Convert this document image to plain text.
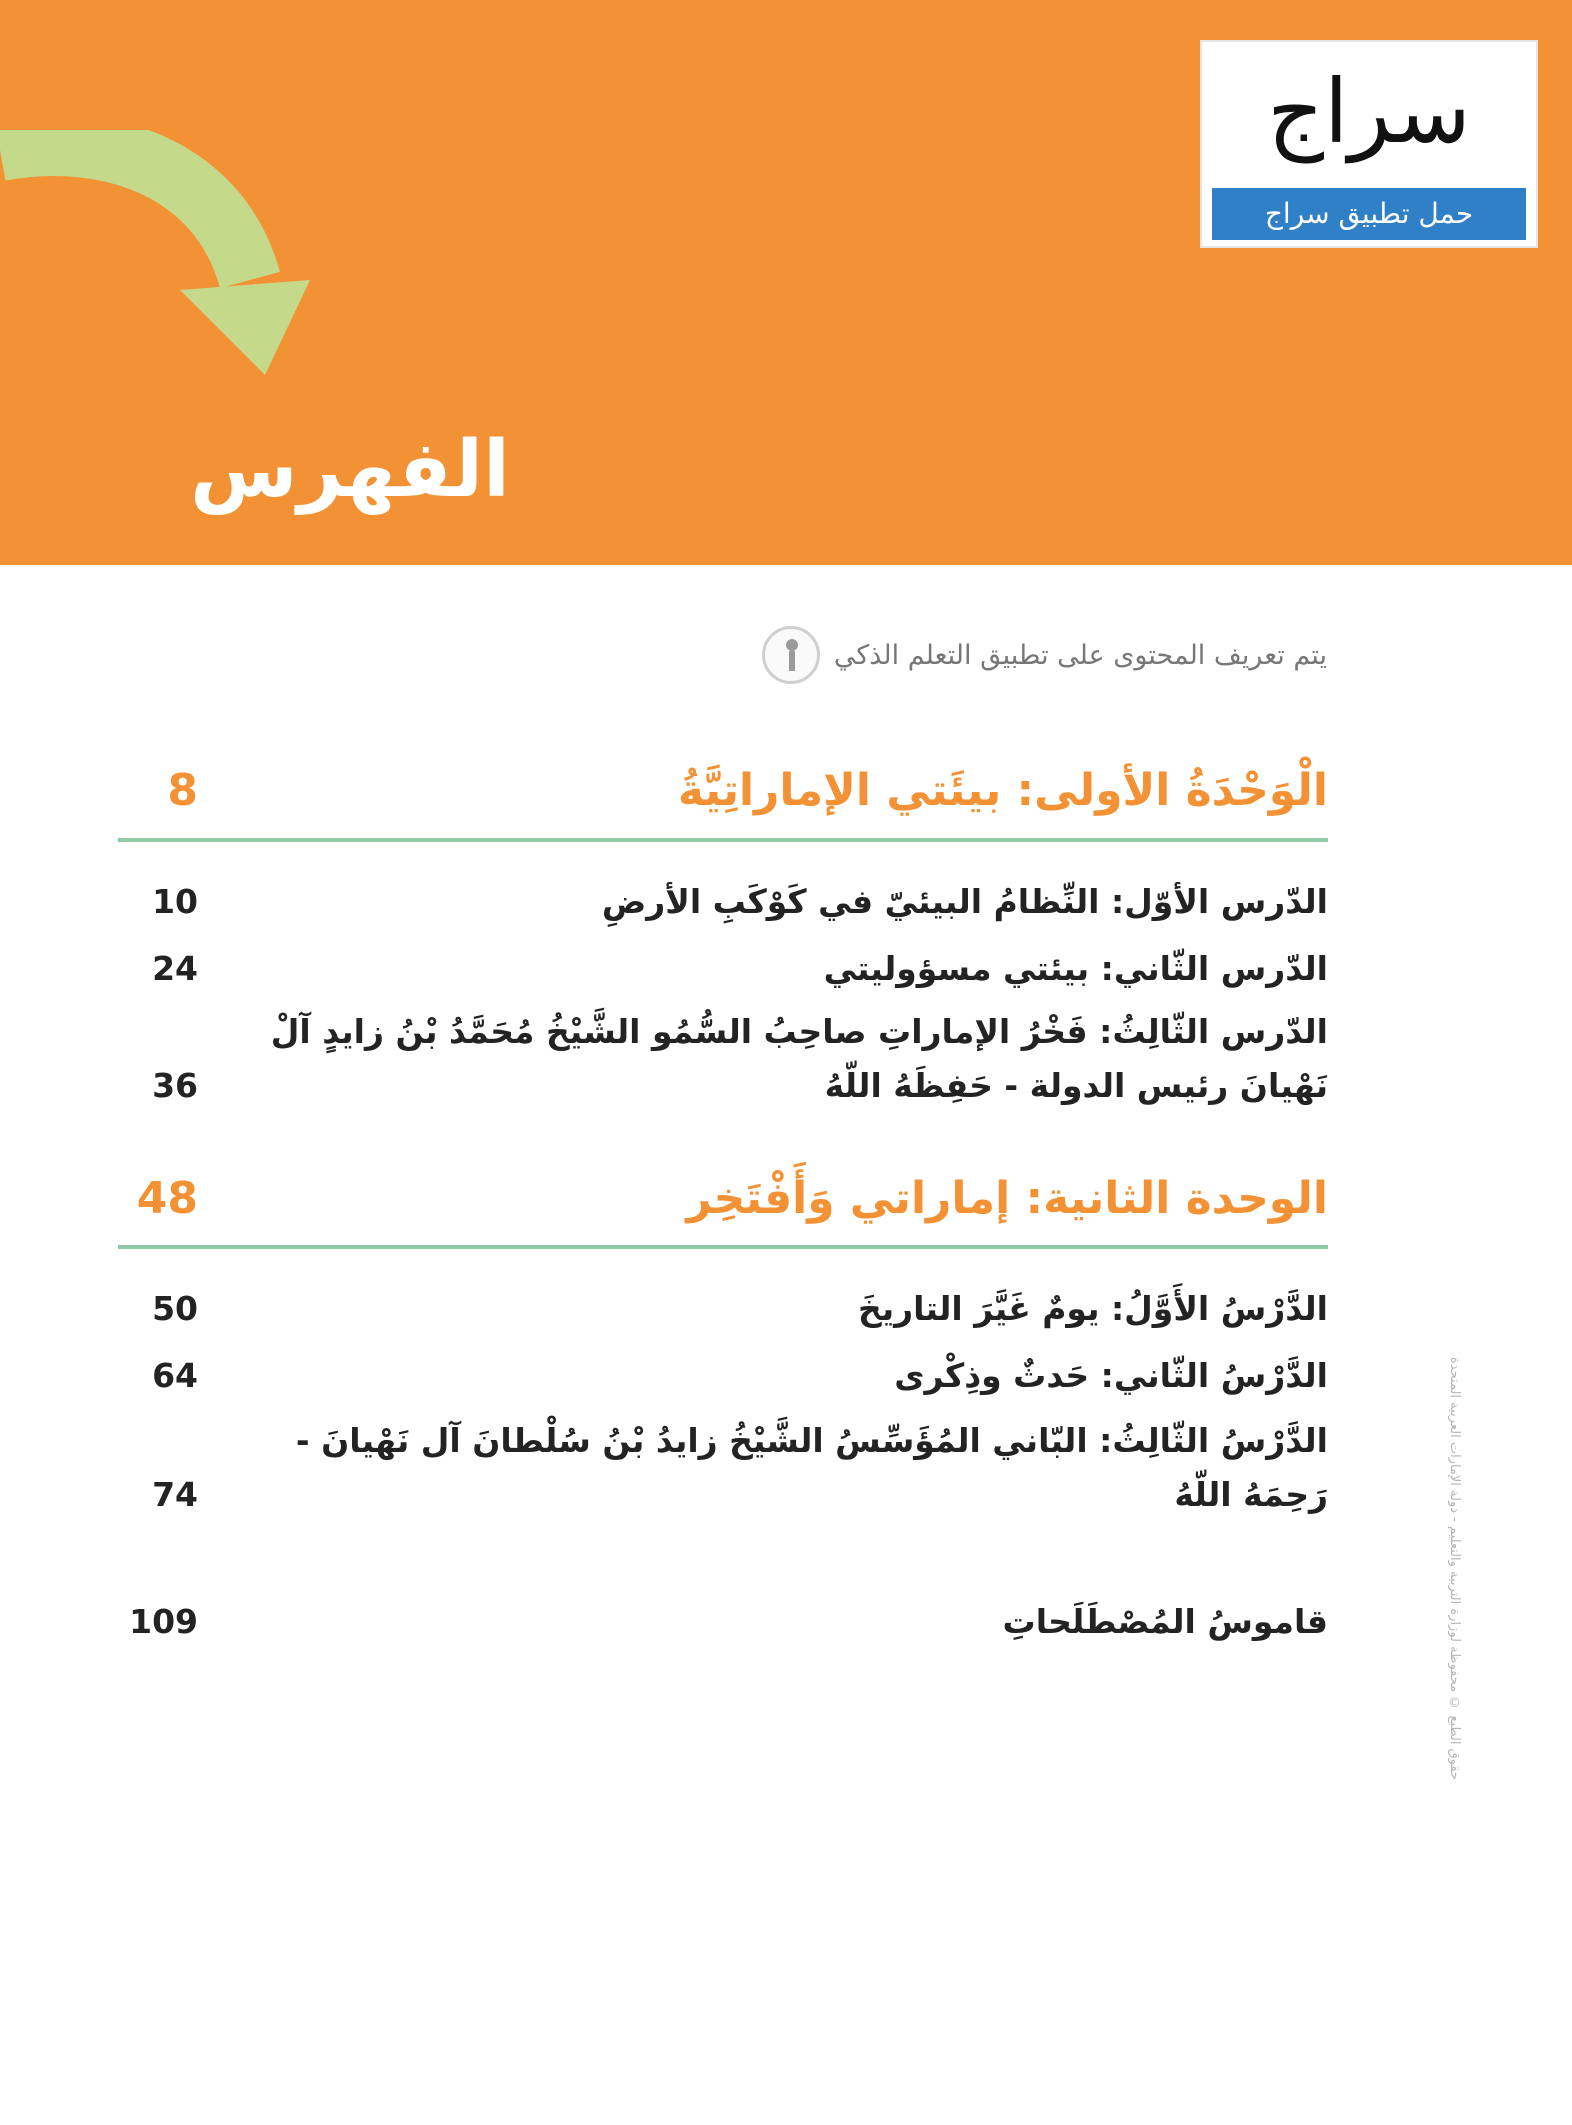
الفهرس
سراج
حمل تطبيق سراج
يتم تعريف المحتوى على تطبيق التعلم الذكي
الْوَحْدَةُ الأولى: بيئَتي الإماراتِيَّةُ
8
الدّرس الأوّل: النِّظامُ البيئيّ في كَوْكَبِ الأرضِ
10
الدّرس الثّاني: بيئتي مسؤوليتي
24
الدّرس الثّالِثُ: فَخْرُ الإماراتِ صاحِبُ السُّمُو الشَّيْخُ مُحَمَّدُ بْنُ زايدٍ آلْ نَهْيانَ رئيس الدولة - حَفِظَهُ اللّهُ
36
الوحدة الثانية: إماراتي وَأَفْتَخِر
48
الدَّرْسُ الأَوَّلُ: يومٌ غَيَّرَ التاريخَ
50
الدَّرْسُ الثّاني: حَدثٌ وذِكْرى
64
الدَّرْسُ الثّالِثُ: البّاني المُؤَسِّسُ الشَّيْخُ زايدُ بْنُ سُلْطانَ آل نَهْيانَ - رَحِمَهُ اللّهُ
74
قاموسُ المُصْطَلَحاتِ
109	حقوق الطبع © محفوظة لوزارة التربية والتعليم - دولة الإمارات العربية المتحدة
